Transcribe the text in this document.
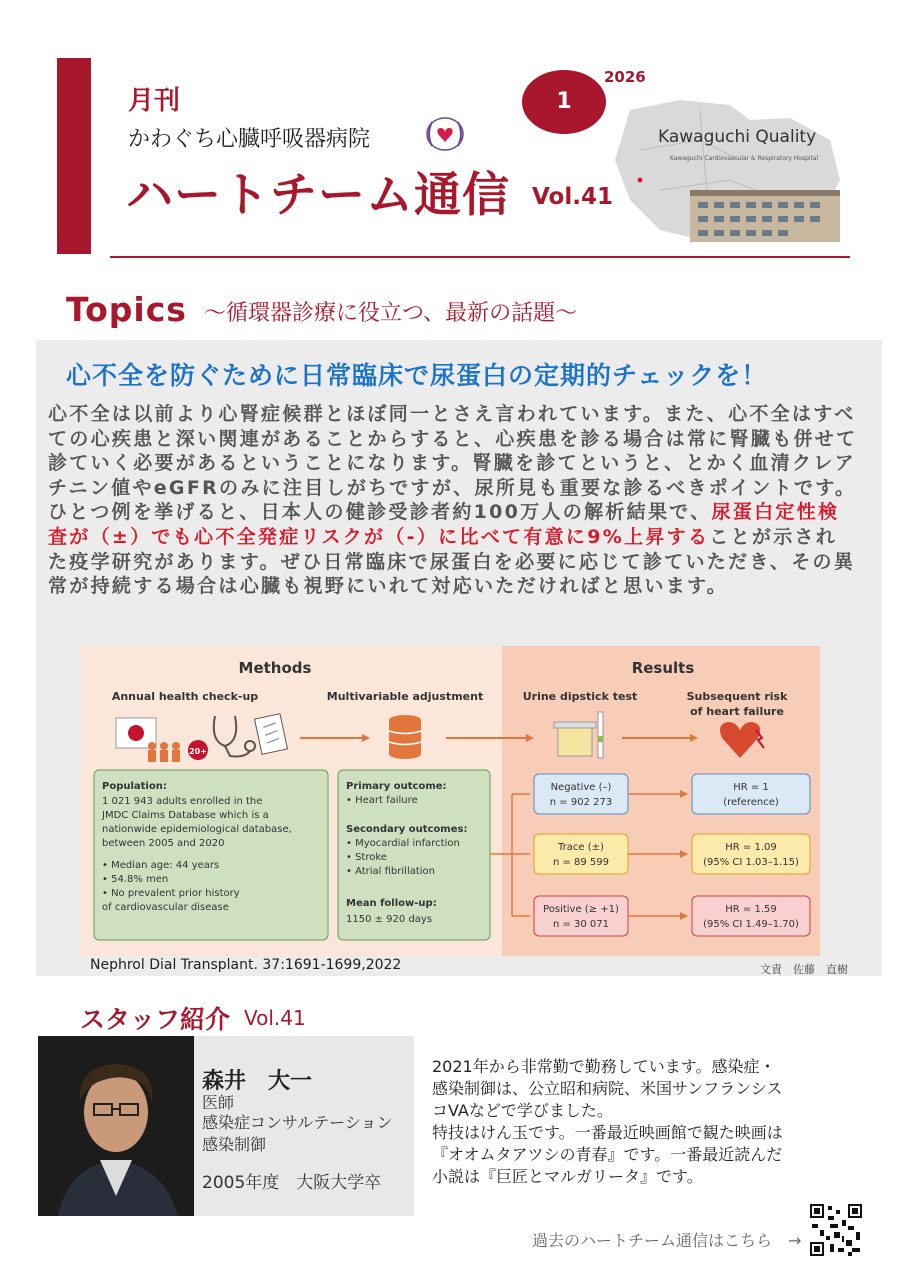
月刊
かわぐち心臓呼吸器病院
ハートチーム通信 Vol.41
Kawaguchi Quality
Kawaguchi Cardiovascular & Respiratory Hospital
1
2026
Topics ～循環器診療に役立つ、最新の話題～
心不全を防ぐために日常臨床で尿蛋白の定期的チェックを！
心不全は以前より心腎症候群とほぼ同一とさえ言われています。また、心不全はすべての心疾患と深い関連があることからすると、心疾患を診る場合は常に腎臓も併せて診ていく必要があるということになります。腎臓を診てというと、とかく血清クレアチニン値やeGFRのみに注目しがちですが、尿所見も重要な診るべきポイントです。ひとつ例を挙げると、日本人の健診受診者約100万人の解析結果で、尿蛋白定性検査が（±）でも心不全発症リスクが（-）に比べて有意に9%上昇することが示された疫学研究があります。ぜひ日常臨床で尿蛋白を必要に応じて診ていただき、その異常が持続する場合は心臓も視野にいれて対応いただければと思います。
Methods	Results
Annual health check-up	Multivariable adjustment	Urine dipstick test	Subsequent risk
of heart failure
20+
Population: 1 021 943 adults enrolled in the JMDC Claims Database which is a nationwide epidemiological database, between 2005 and 2020 • Median age: 44 years • 54.8% men • No prevalent prior history of cardiovascular disease
Primary outcome: • Heart failure Secondary outcomes: • Myocardial infarction • Stroke • Atrial fibrillation Mean follow-up: 1150 ± 920 days
Negative (–)
n = 902 273
Trace (±)
n = 89 599
Positive (≥ +1)
n = 30 071
HR = 1
(reference)
HR = 1.09
(95% CI 1.03–1.15)
HR = 1.59
(95% CI 1.49–1.70)
Nephrol Dial Transplant. 37:1691-1699,2022	文責　佐藤　直樹
スタッフ紹介 Vol.41
森井　大一
医師
感染症コンサルテーション
感染制御
2005年度　大阪大学卒
2021年から非常勤で勤務しています。感染症・
感染制御は、公立昭和病院、米国サンフランシス
コVAなどで学びました。
特技はけん玉です。一番最近映画館で観た映画は
『オオムタアツシの青春』です。一番最近読んだ
小説は『巨匠とマルガリータ』です。
過去のハートチーム通信はこちら　→
